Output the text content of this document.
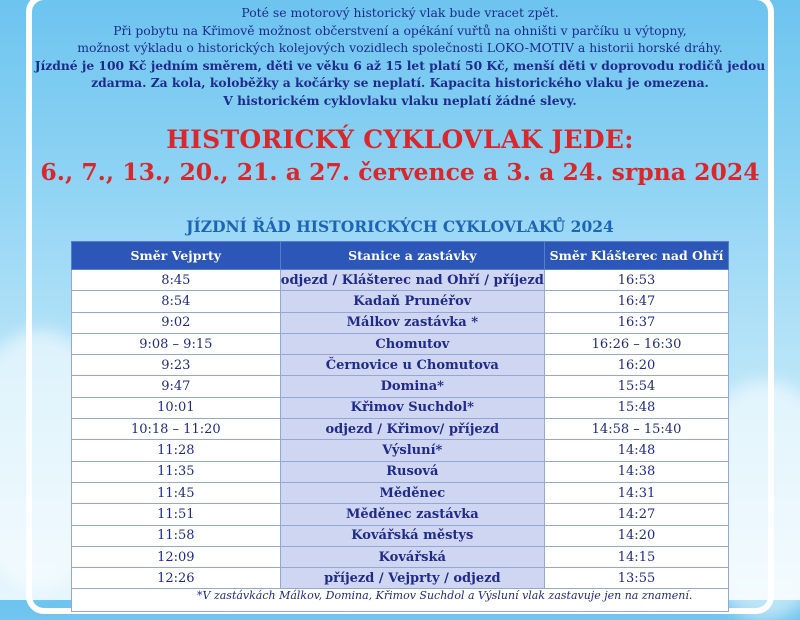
Poté se motorový historický vlak bude vracet zpět.

Při pobytu na Křimově možnost občerstvení a opékání vuřtů na ohništi v parčíku u výtopny,

možnost výkladu o historických kolejových vozidlech společnosti LOKO-MOTIV a historii horské dráhy.

Jízdné je 100 Kč jedním směrem, děti ve věku 6 až 15 let platí 50 Kč, menší děti v doprovodu rodičů jedou

zdarma. Za kola, koloběžky a kočárky se neplatí. Kapacita historického vlaku je omezena.

V historickém cyklovlaku vlaku neplatí žádné slevy.

HISTORICKÝ CYKLOVLAK JEDE:
6., 7., 13., 20., 21. a 27. července a 3. a 24. srpna 2024
JÍZDNÍ ŘÁD HISTORICKÝCH CYKLOVLAKŮ 2024
Směr Vejprty	Stanice a zastávky	Směr Klášterec nad Ohří
8:45	odjezd / Klášterec nad Ohří / příjezd	16:53
8:54	Kadaň Prunéřov	16:47
9:02	Málkov zastávka *	16:37
9:08 – 9:15	Chomutov	16:26 – 16:30
9:23	Černovice u Chomutova	16:20
9:47	Domina*	15:54
10:01	Křimov Suchdol*	15:48
10:18 – 11:20	odjezd / Křimov/ příjezd	14:58 – 15:40
11:28	Výsluní*	14:48
11:35	Rusová	14:38
11:45	Měděnec	14:31
11:51	Měděnec zastávka	14:27
11:58	Kovářská městys	14:20
12:09	Kovářská	14:15
12:26	příjezd / Vejprty / odjezd	13:55
*V zastávkách Málkov, Domina, Křimov Suchdol a Výsluní vlak zastavuje jen na znamení.		
